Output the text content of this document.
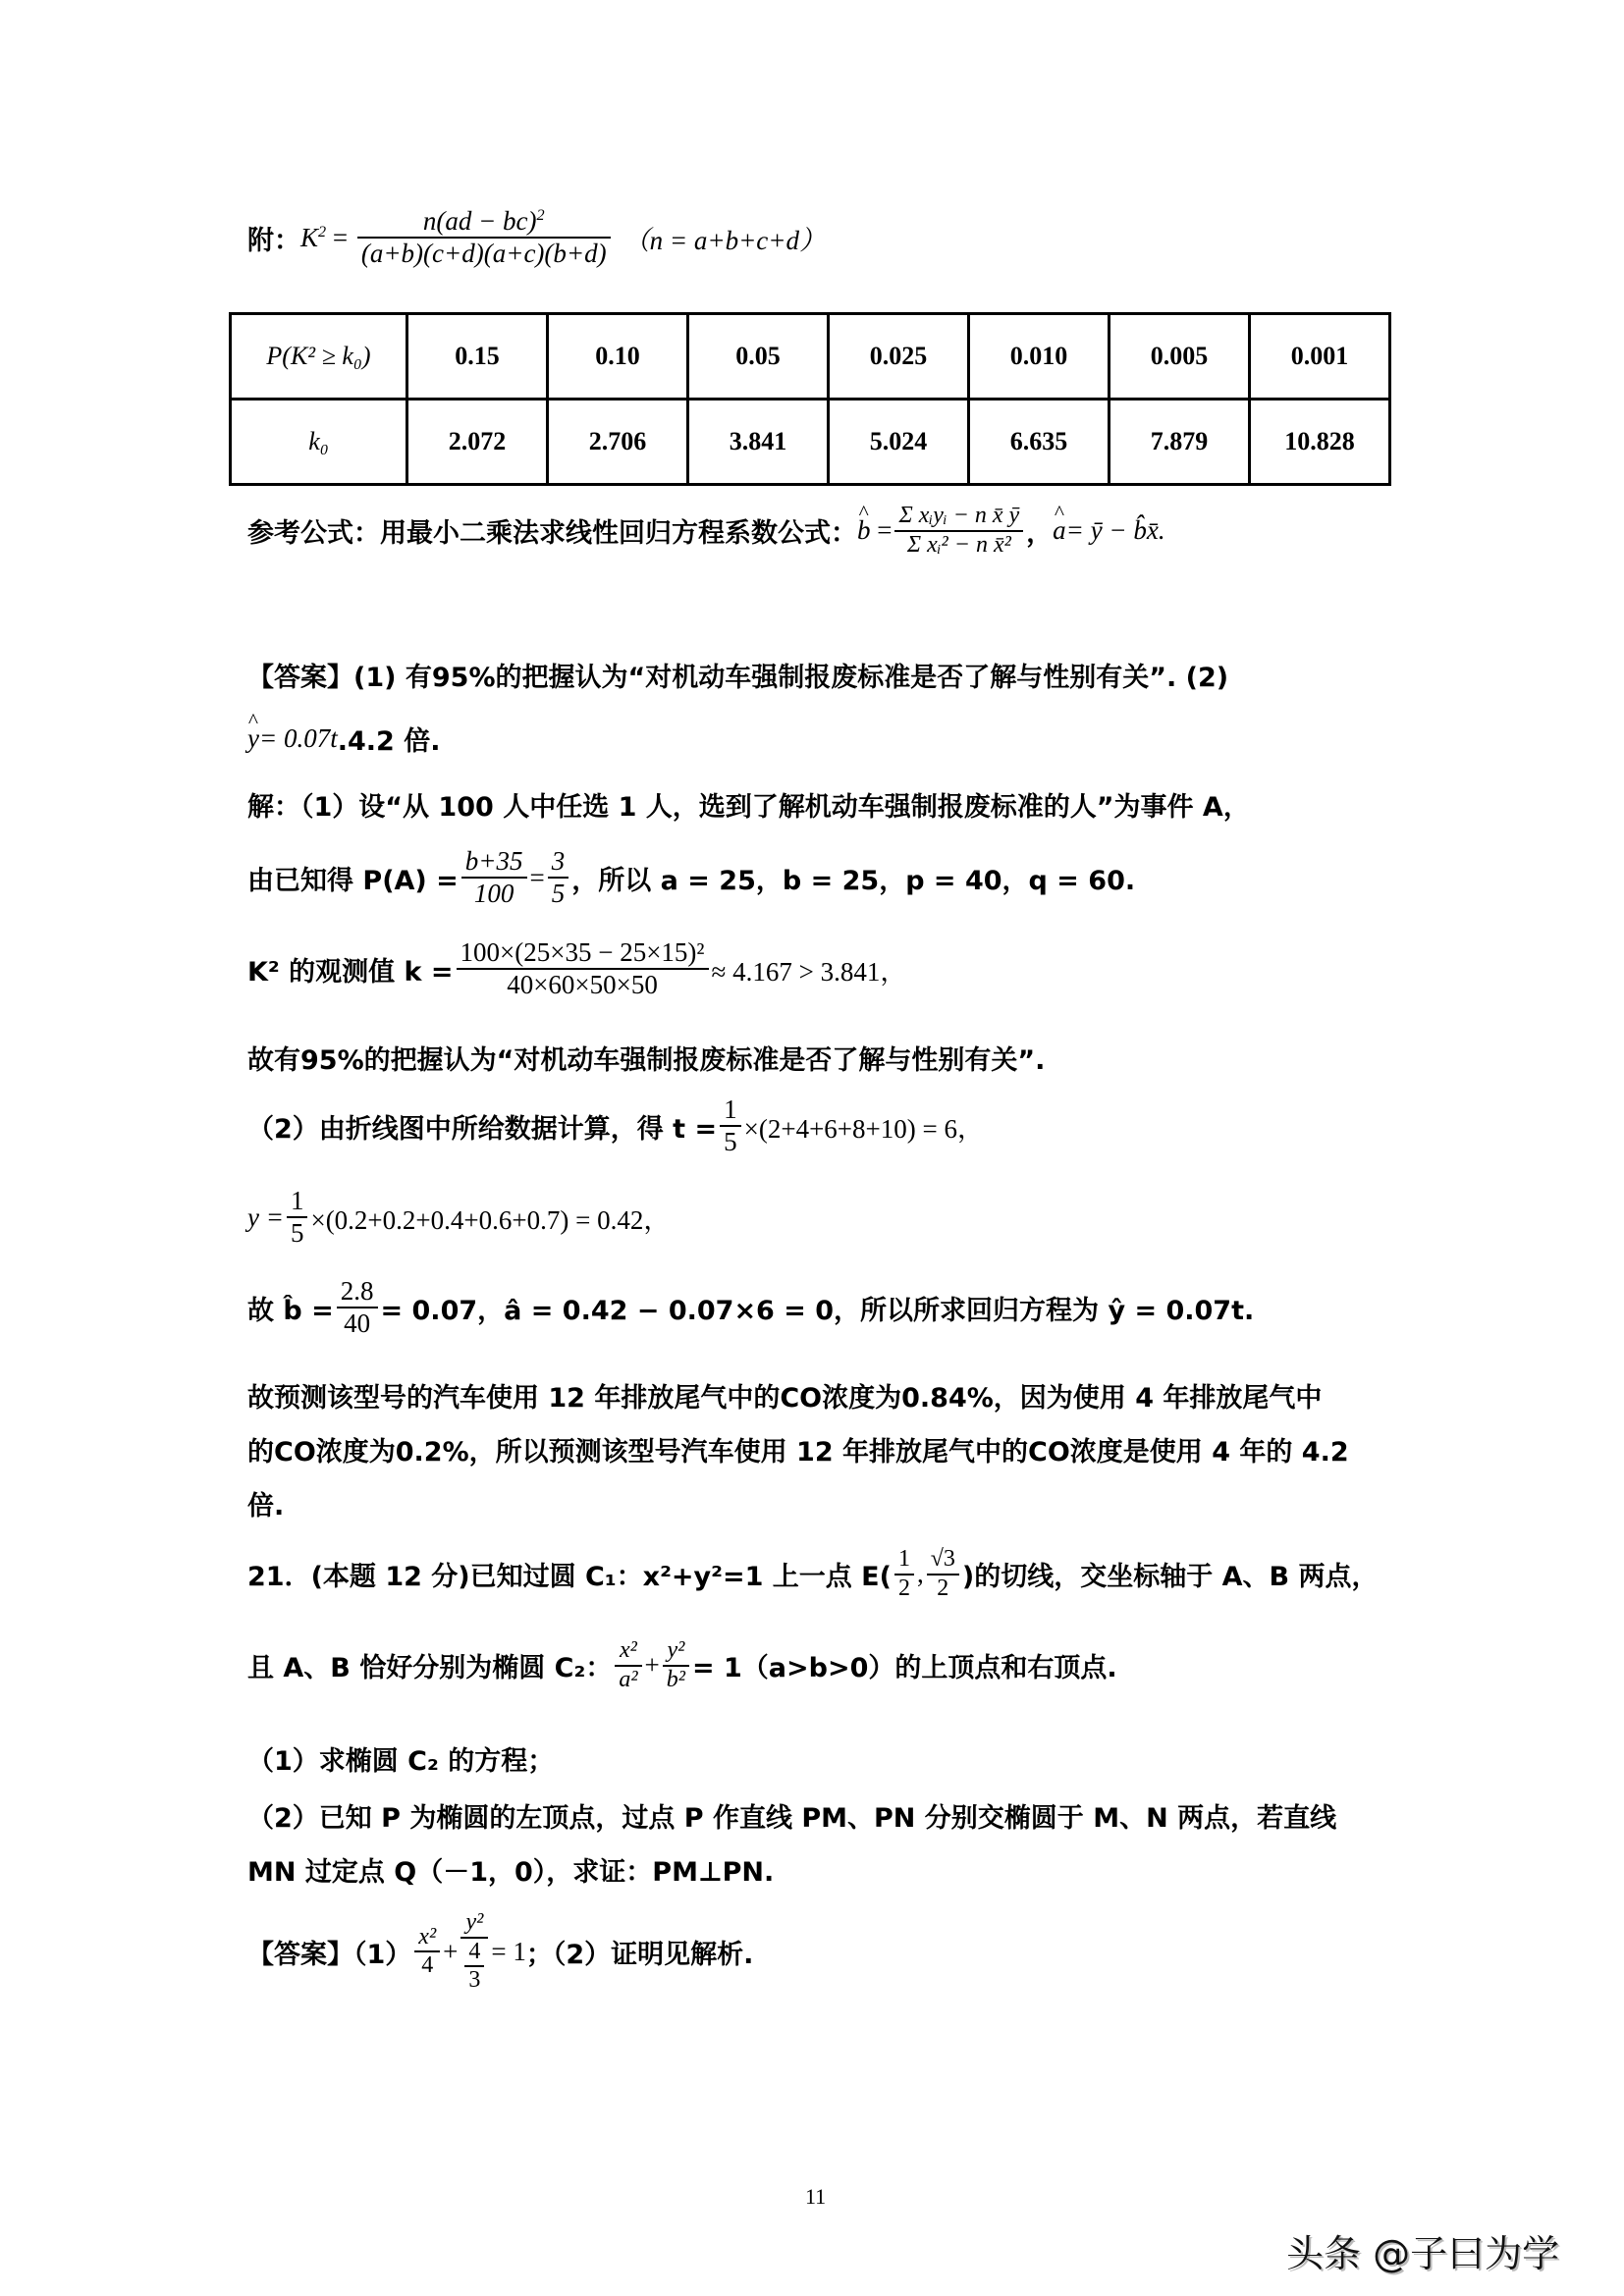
附： $K^2 = \frac{n(ad - bc)^2}{(a+b)(c+d)(a+c)(b+d)} (n = a+b+c+d)$
P(K² ≥ k₀)	0.15	0.10	0.05	0.025	0.010	0.005	0.001
k₀	2.072	2.706	3.841	5.024	6.635	7.879	10.828
参考公式：用最小二乘法求线性回归方程系数公式： ^ $b = \frac{\text{Σ xᵢyᵢ − n x̄ ȳ}}{\text{Σ xᵢ² − n x̄²}}$ ， ^ a = ȳ − b̂x̄.
【答案】 (1) 有95%的把握认为“对机动车强制报废标准是否了解与性别有关”. (2)
^ y = 0.07t .4.2 倍.
解：（1）设“从 100 人中任选 1 人，选到了解机动车强制报废标准的人”为事件 A，
由已知得 $P(A) = \frac{b+35}{100} = \frac{3}{5}$ ，所以 a = 25，b = 25，p = 40，q = 60.
K² 的观测值 $k = \frac{\text{100×(25×35 − 25×15)²}}{40\times 60\times 50\times 50} \approx 4.167 > 3.841$，
故有95%的把握认为“对机动车强制报废标准是否了解与性别有关”.
（2）由折线图中所给数据计算，得 $t = \frac{1}{5} \times(2+4+6+8+10) = 6$，
$y = \frac{1}{5} \times(0.2+0.2+0.4+0.6+0.7) = 0.42$，
故 b̂ = $\frac{2.8}{40} = 0.07$，â = 0.42 − 0.07×6 = 0，所以所求回归方程为 ŷ = 0.07t.
故预测该型号的汽车使用 12 年排放尾气中的CO浓度为0.84%，因为使用 4 年排放尾气中
的CO浓度为0.2%，所以预测该型号汽车使用 12 年排放尾气中的CO浓度是使用 4 年的 4.2
倍.
21．(本题 12 分)已知过圆 C₁：x²+y²=1 上一点 $E( \frac{1}{2}$ , $\frac{√3}{2}$ )的切线，交坐标轴于 A、B 两点，
且 A、B 恰好分别为椭圆 C₂： $\frac{\text{x²}}{\text{a²}} + \frac{\text{y²}}{\text{b²}} = 1(a>b>0)$的上顶点和右顶点.
（1）求椭圆 C₂ 的方程；
（2）已知 P 为椭圆的左顶点，过点 P 作直线 PM、PN 分别交椭圆于 M、N 两点，若直线
MN 过定点 Q（－1，0），求证：PM⊥PN.
【答案】$(1) \frac{\text{x²}}{4} + \frac{\text{y²}}{\frac{4}{3}} = 1$ ；（2）证明见解析.
11
头条 @子曰为学
